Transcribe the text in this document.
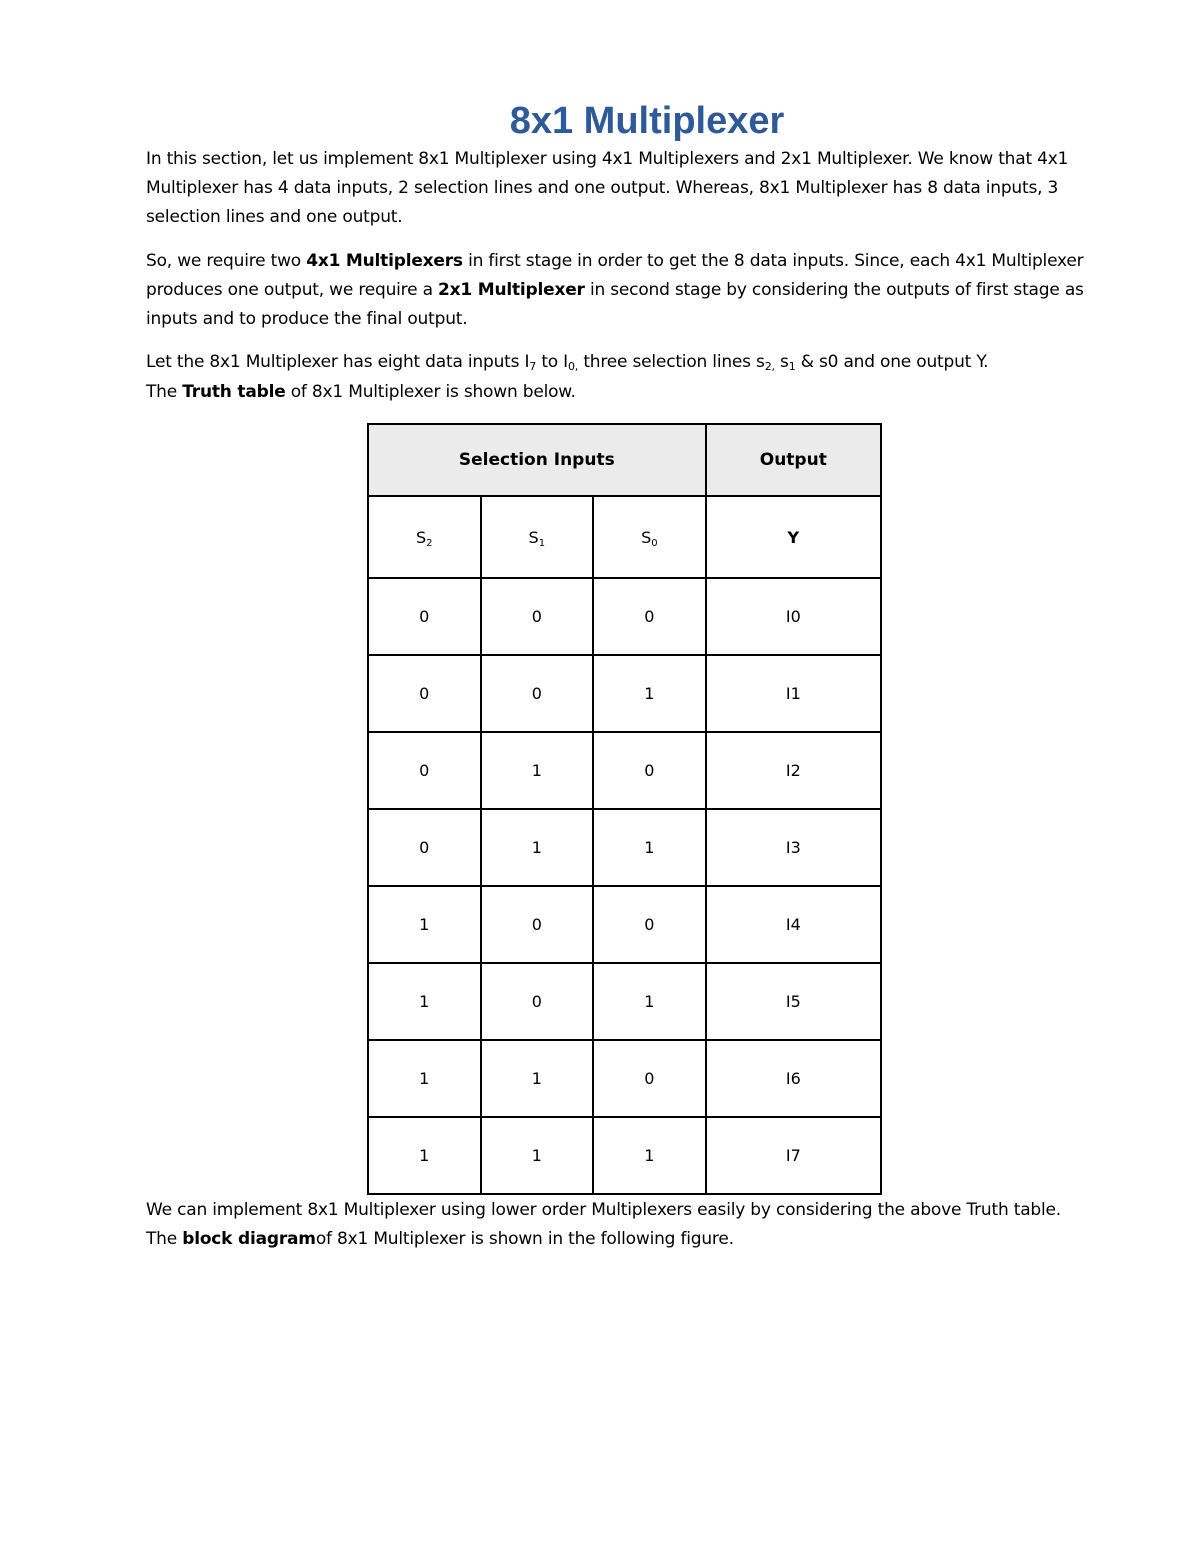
8x1 Multiplexer
In this section, let us implement 8x1 Multiplexer using 4x1 Multiplexers and 2x1 Multiplexer. We know that 4x1 Multiplexer has 4 data inputs, 2 selection lines and one output. Whereas, 8x1 Multiplexer has 8 data inputs, 3 selection lines and one output.
So, we require two 4x1 Multiplexers in first stage in order to get the 8 data inputs. Since, each 4x1 Multiplexer produces one output, we require a 2x1 Multiplexer in second stage by considering the outputs of first stage as inputs and to produce the final output.
Let the 8x1 Multiplexer has eight data inputs $I_7$ to $I_{0,}$ three selection lines $s_{2,}$ $s_1$ & s0 and one output Y.
The Truth table of 8x1 Multiplexer is shown below.
Selection Inputs			Output
$S_2$	$S_1$	$S_0$	Y
0	0	0	I0
0	0	1	I1
0	1	0	I2
0	1	1	I3
1	0	0	I4
1	0	1	I5
1	1	0	I6
1	1	1	I7
We can implement 8x1 Multiplexer using lower order Multiplexers easily by considering the above Truth table.
The block diagramof 8x1 Multiplexer is shown in the following figure.
